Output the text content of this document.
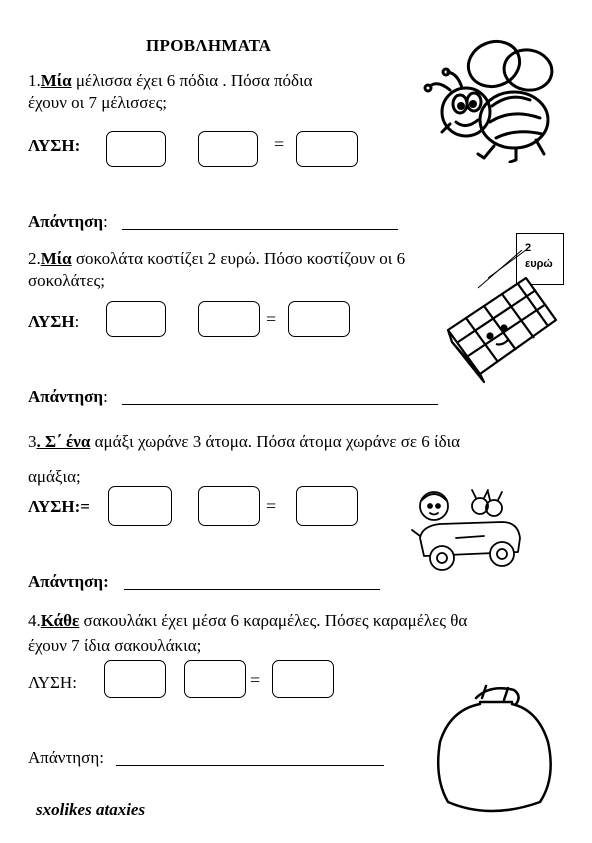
ΠΡΟΒΛΗΜΑΤΑ
1.Μία μέλισσα έχει 6 πόδια . Πόσα πόδια
έχουν οι 7 μέλισσες;
ΛΥΣΗ:	=
Απάντηση:
2.Μία σοκολάτα κοστίζει 2 ευρώ. Πόσο κοστίζουν οι 6
σοκολάτες;
ΛΥΣΗ:	=
Απάντηση:
3. Σ΄ ένα αμάξι χωράνε 3 άτομα. Πόσα άτομα χωράνε σε 6 ίδια
αμάξια;
ΛΥΣΗ:=	=
Απάντηση:
4.Κάθε σακουλάκι έχει μέσα 6 καραμέλες. Πόσες καραμέλες θα
έχουν 7 ίδια σακουλάκια;
ΛΥΣΗ:	=
Απάντηση:
sxolikes ataxies
2
ευρώ
